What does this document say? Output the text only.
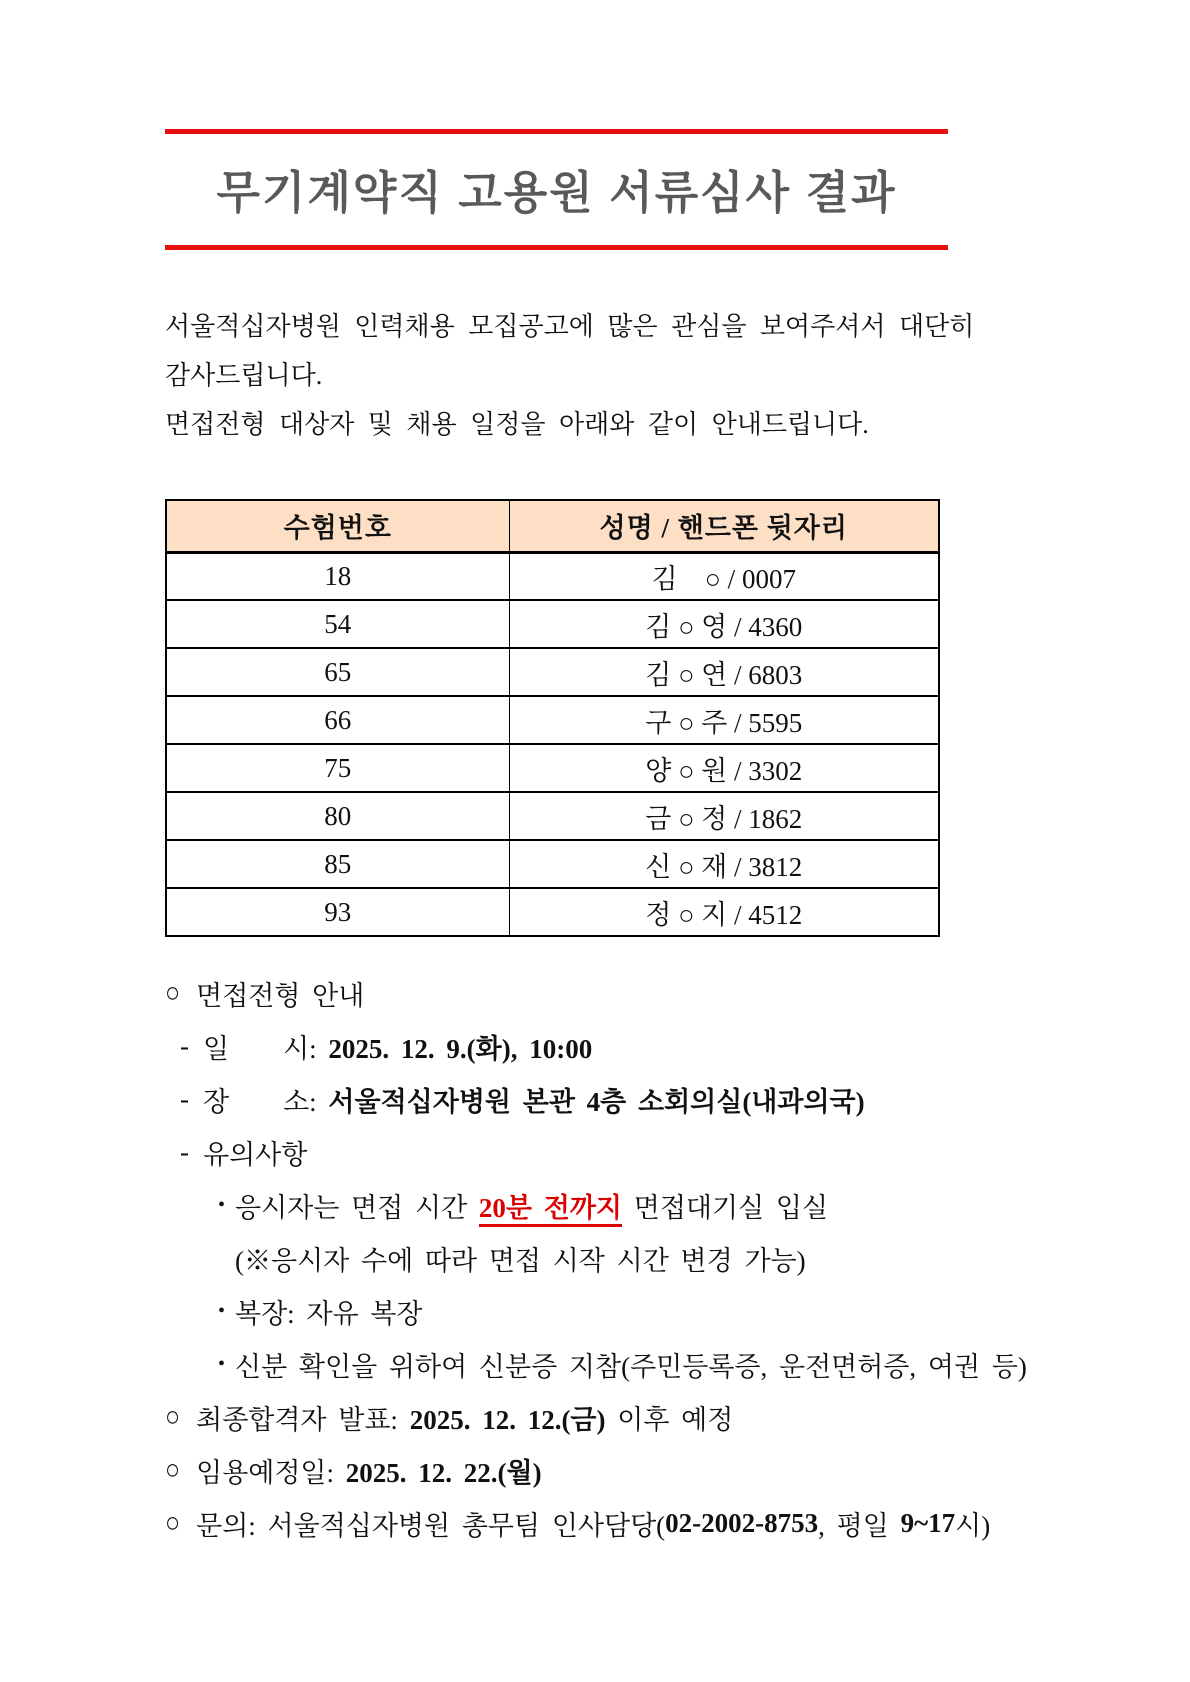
무기계약직 고용원 서류심사 결과
서울적십자병원 인력채용 모집공고에 많은 관심을 보여주셔서 대단히
감사드립니다.
면접전형 대상자 및 채용 일정을 아래와 같이 안내드립니다.
수험번호	성명 / 핸드폰 뒷자리
18	김　○ / 0007
54	김 ○ 영 / 4360
65	김 ○ 연 / 6803
66	구 ○ 주 / 5595
75	양 ○ 원 / 3302
80	금 ○ 정 / 1862
85	신 ○ 재 / 3812
93	정 ○ 지 / 4512
○ 면접전형 안내
- 일　　시: 2025. 12. 9.(화), 10:00
- 장　　소: 서울적십자병원 본관 4층 소회의실(내과의국)
- 유의사항
• 응시자는 면접 시간 20분 전까지 면접대기실 입실
(※응시자 수에 따라 면접 시작 시간 변경 가능)
• 복장: 자유 복장
• 신분 확인을 위하여 신분증 지참(주민등록증, 운전면허증, 여권 등)
○ 최종합격자 발표: 2025. 12. 12.(금) 이후 예정
○ 임용예정일: 2025. 12. 22.(월)
○ 문의: 서울적십자병원 총무팀 인사담당( 02-2002-8753 , 평일 9~17 시)
